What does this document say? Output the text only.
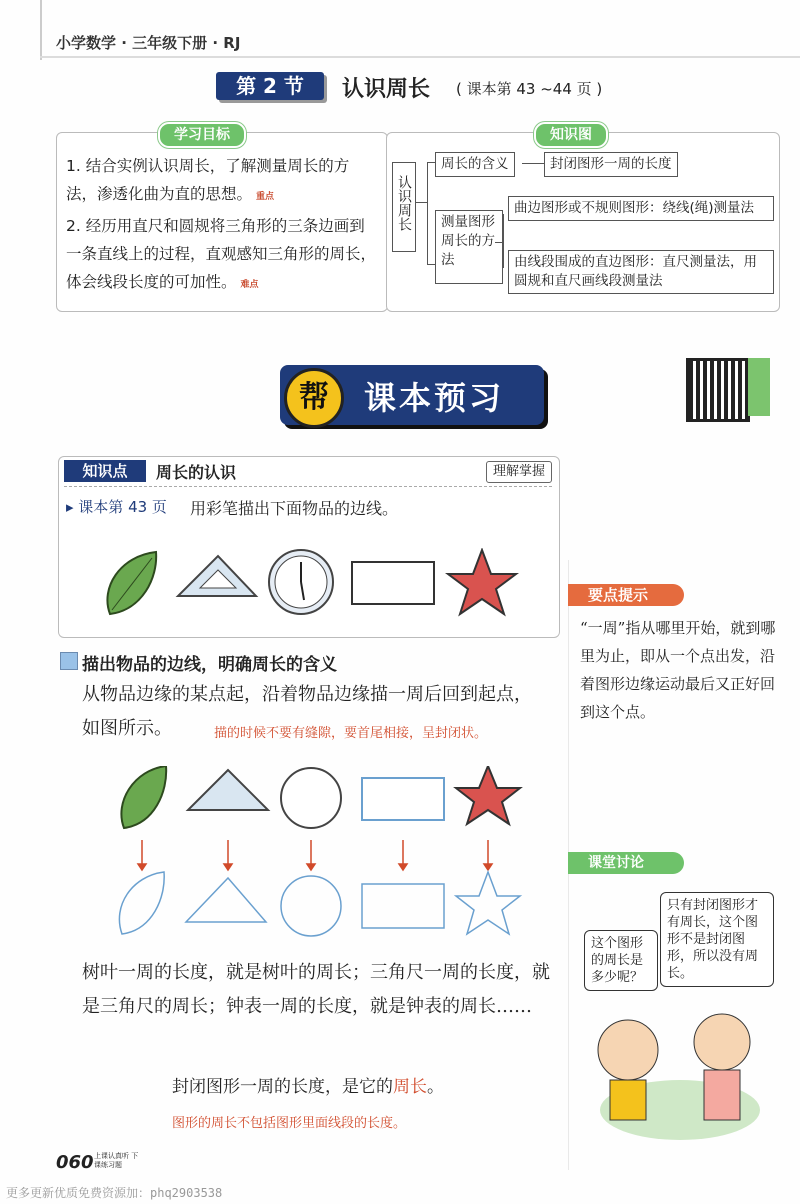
小学数学 · 三年级下册 · RJ
第 2 节	认识周长 ( 课本第 43 ~44 页 )
学习目标
1. 结合实例认识周长，了解测量周长的方法，渗透化曲为直的思想。 重点
2. 经历用直尺和圆规将三角形的三条边画到一条直线上的过程，直观感知三角形的周长，体会线段长度的可加性。 难点
知识图
认识周长
周长的含义	封闭图形一周的长度
测量图形周长的方法
曲边图形或不规则图形：绕线(绳)测量法
由线段围成的直边图形：直尺测量法，用圆规和直尺画线段测量法
帮	课本预习
知识点	周长的认识	理解掌握
▸ 课本第 43 页 用彩笔描出下面物品的边线。
要点提示
“一周”指从哪里开始，就到哪里为止，即从一个点出发，沿着图形边缘运动最后又正好回到这个点。
描出物品的边线，明确周长的含义
从物品边缘的某点起，沿着物品边缘描一周后回到起点，
如图所示。	描的时候不要有缝隙，要首尾相接，呈封闭状。
树叶一周的长度，就是树叶的周长；三角尺一周的长度，就是三角尺的周长；钟表一周的长度，就是钟表的周长……
封闭图形一周的长度，是它的周长。
图形的周长不包括图形里面线段的长度。
课堂讨论
只有封闭图形才有周长，这个图形不是封闭图形，所以没有周长。
这个图形的周长是多少呢？
060 上课认真听 下课练习题
更多更新优质免费资源加：phq2903538
